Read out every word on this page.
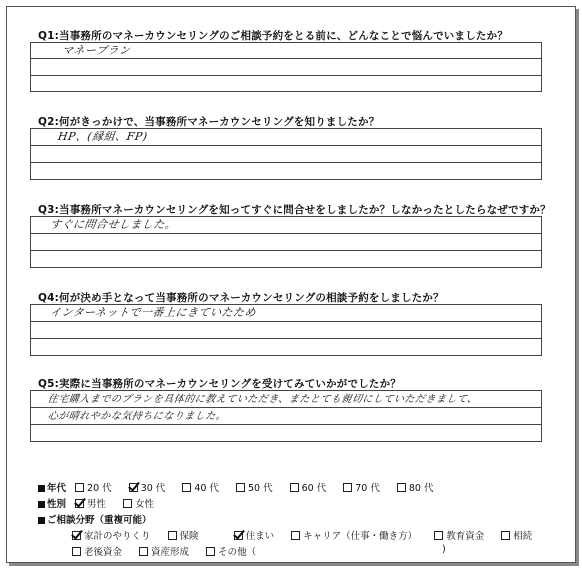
Q1:当事務所のマネーカウンセリングのご相談予約をとる前に、どんなことで悩んでいましたか？
マネープラン
Q2:何がきっかけで、当事務所マネーカウンセリングを知りましたか？
HP、(縁組、FP)
Q3:当事務所マネーカウンセリングを知ってすぐに問合せをしましたか？しなかったとしたらなぜですか？
すぐに問合せしました。
Q4:何が決め手となって当事務所のマネーカウンセリングの相談予約をしましたか？
インターネットで一番上にきていたため
Q5:実際に当事務所のマネーカウンセリングを受けてみていかがでしたか？
住宅購入までのプランを具体的に教えていただき、またとても親切にしていただきまして、
心が晴れやかな気持ちになりました。
年代 20 代	30 代	40 代	50 代	60 代	70 代	80 代
性別 男性	女性
ご相談分野（重複可能）
家計のやりくり	保険	住まい	キャリア（仕事・働き方）	教育資金	相続
老後資金	資産形成	その他（	)
